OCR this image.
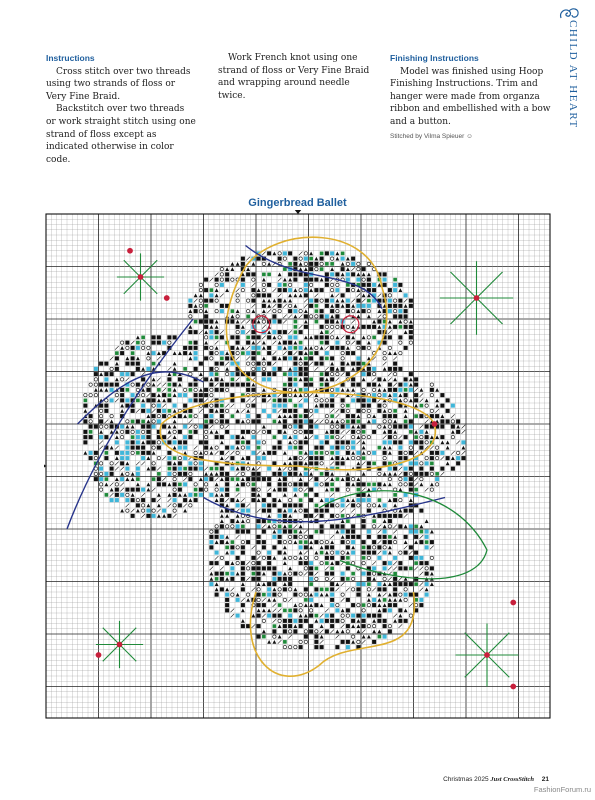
CHILD AT HEART
Instructions

Cross stitch over two threads using two strands of floss or Very Fine Braid.

Backstitch over two threads or work straight stitch using one strand of floss except as indicated otherwise in color code.

Work French knot using one strand of floss or Very Fine Braid and wrapping around needle twice.

Finishing Instructions

Model was finished using Hoop Finishing Instructions. Trim and hanger were made from organza ribbon and embellished with a bow and a button.

Stitched by Vilma Spieuer ☺
Gingerbread Ballet
Christmas 2025 Just CrossStitch 21
FashionForum.ru
